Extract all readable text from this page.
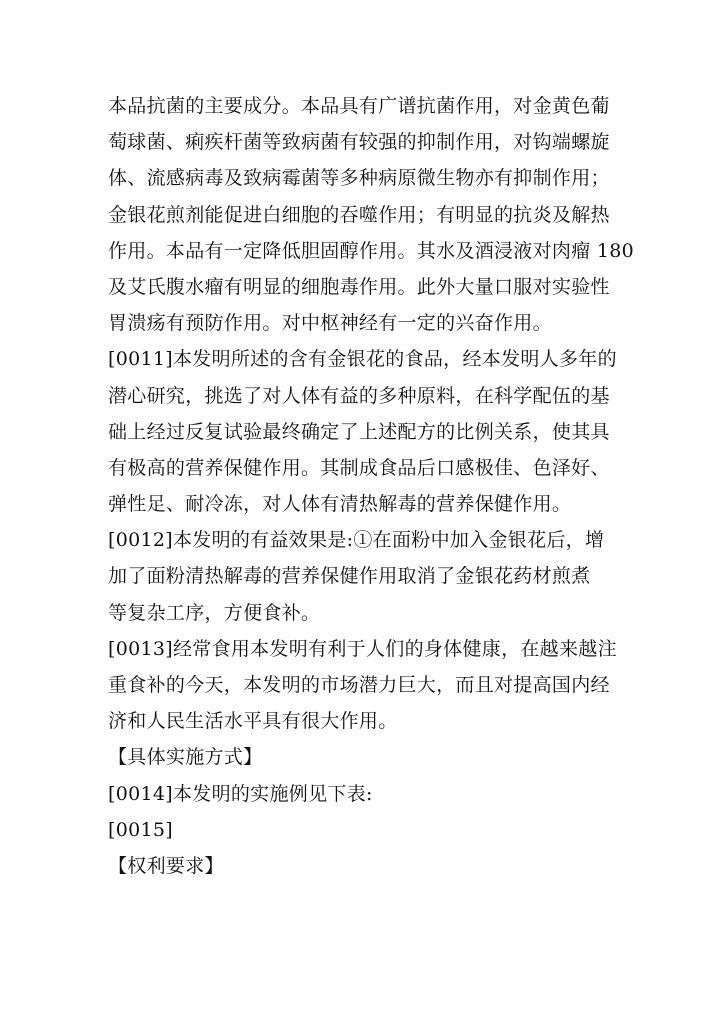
本品抗菌的主要成分。本品具有广谱抗菌作用，对金黄色葡
萄球菌、痢疾杆菌等致病菌有较强的抑制作用，对钩端螺旋
体、流感病毒及致病霉菌等多种病原微生物亦有抑制作用；
金银花煎剂能促进白细胞的吞噬作用；有明显的抗炎及解热
作用。本品有一定降低胆固醇作用。其水及酒浸液对肉瘤 180
及艾氏腹水瘤有明显的细胞毒作用。此外大量口服对实验性
胃溃疡有预防作用。对中枢神经有一定的兴奋作用。
[0011]本发明所述的含有金银花的食品，经本发明人多年的
潜心研究，挑选了对人体有益的多种原料，在科学配伍的基
础上经过反复试验最终确定了上述配方的比例关系，使其具
有极高的营养保健作用。其制成食品后口感极佳、色泽好、
弹性足、耐冷冻，对人体有清热解毒的营养保健作用。
[0012]本发明的有益效果是:①在面粉中加入金银花后，增
加了面粉清热解毒的营养保健作用取消了金银花药材煎煮
等复杂工序，方便食补。
[0013]经常食用本发明有利于人们的身体健康，在越来越注
重食补的今天，本发明的市场潜力巨大，而且对提高国内经
济和人民生活水平具有很大作用。
【具体实施方式】
[0014]本发明的实施例见下表:
[0015]
【权利要求】
